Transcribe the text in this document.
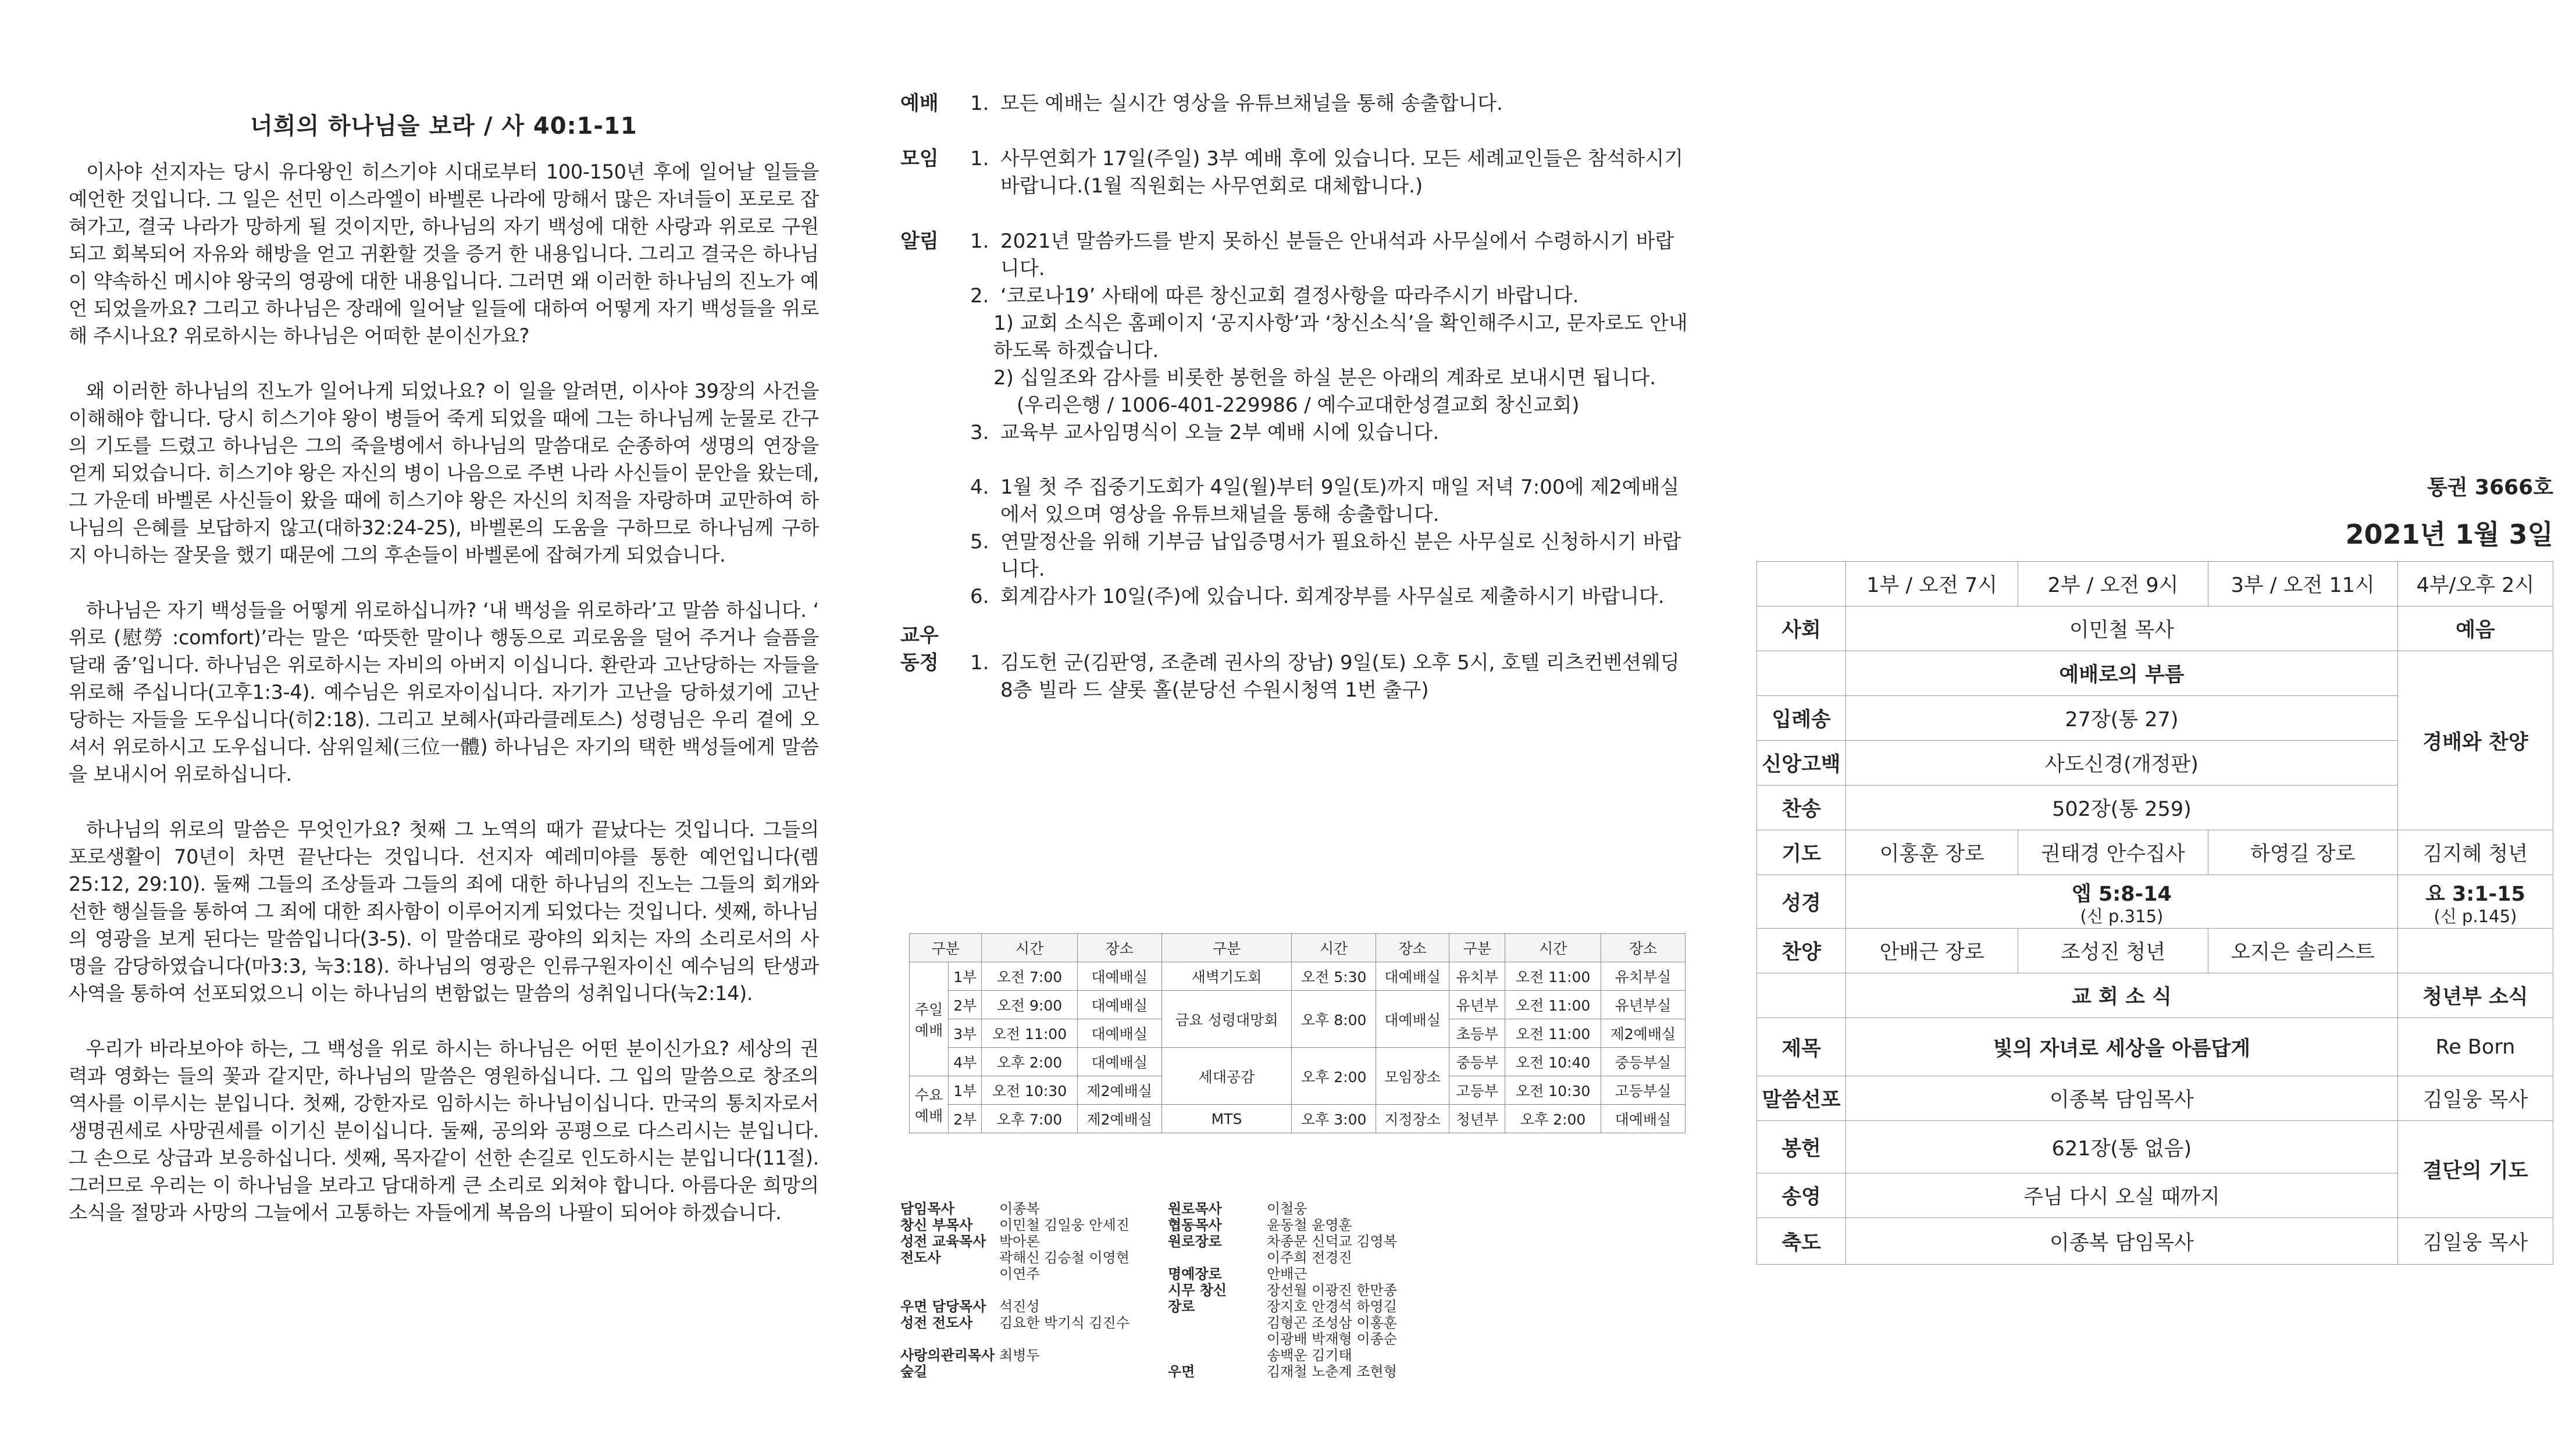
너희의 하나님을 보라 / 사 40:1-11

이사야 선지자는 당시 유다왕인 히스기야 시대로부터 100-150년 후에 일어날 일들을 예언한 것입니다. 그 일은 선민 이스라엘이 바벨론 나라에 망해서 많은 자녀들이 포로로 잡혀가고, 결국 나라가 망하게 될 것이지만, 하나님의 자기 백성에 대한 사랑과 위로로 구원되고 회복되어 자유와 해방을 얻고 귀환할 것을 증거 한 내용입니다. 그리고 결국은 하나님이 약속하신 메시야 왕국의 영광에 대한 내용입니다. 그러면 왜 이러한 하나님의 진노가 예언 되었을까요? 그리고 하나님은 장래에 일어날 일들에 대하여 어떻게 자기 백성들을 위로해 주시나요? 위로하시는 하나님은 어떠한 분이신가요?

왜 이러한 하나님의 진노가 일어나게 되었나요? 이 일을 알려면, 이사야 39장의 사건을 이해해야 합니다. 당시 히스기야 왕이 병들어 죽게 되었을 때에 그는 하나님께 눈물로 간구의 기도를 드렸고 하나님은 그의 죽을병에서 하나님의 말씀대로 순종하여 생명의 연장을 얻게 되었습니다. 히스기야 왕은 자신의 병이 나음으로 주변 나라 사신들이 문안을 왔는데, 그 가운데 바벨론 사신들이 왔을 때에 히스기야 왕은 자신의 치적을 자랑하며 교만하여 하나님의 은혜를 보답하지 않고(대하32:24-25), 바벨론의 도움을 구하므로 하나님께 구하지 아니하는 잘못을 했기 때문에 그의 후손들이 바벨론에 잡혀가게 되었습니다.

하나님은 자기 백성들을 어떻게 위로하십니까? ‘내 백성을 위로하라’고 말씀 하십니다. ‘ 위로 (慰勞 :comfort)’라는 말은 ‘따뜻한 말이나 행동으로 괴로움을 덜어 주거나 슬픔을 달래 줌’입니다. 하나님은 위로하시는 자비의 아버지 이십니다. 환란과 고난당하는 자들을 위로해 주십니다(고후1:3-4). 예수님은 위로자이십니다. 자기가 고난을 당하셨기에 고난당하는 자들을 도우십니다(히2:18). 그리고 보혜사(파라클레토스) 성령님은 우리 곁에 오셔서 위로하시고 도우십니다. 삼위일체(三位一體) 하나님은 자기의 택한 백성들에게 말씀을 보내시어 위로하십니다.

하나님의 위로의 말씀은 무엇인가요? 첫째 그 노역의 때가 끝났다는 것입니다. 그들의 포로생활이 70년이 차면 끝난다는 것입니다. 선지자 예레미야를 통한 예언입니다(렘25:12, 29:10). 둘째 그들의 조상들과 그들의 죄에 대한 하나님의 진노는 그들의 회개와 선한 행실들을 통하여 그 죄에 대한 죄사함이 이루어지게 되었다는 것입니다. 셋째, 하나님의 영광을 보게 된다는 말씀입니다(3-5). 이 말씀대로 광야의 외치는 자의 소리로서의 사명을 감당하였습니다(마3:3, 눅3:18). 하나님의 영광은 인류구원자이신 예수님의 탄생과 사역을 통하여 선포되었으니 이는 하나님의 변함없는 말씀의 성취입니다(눅2:14).

우리가 바라보아야 하는, 그 백성을 위로 하시는 하나님은 어떤 분이신가요? 세상의 권력과 영화는 들의 꽃과 같지만, 하나님의 말씀은 영원하십니다. 그 입의 말씀으로 창조의 역사를 이루시는 분입니다. 첫째, 강한자로 임하시는 하나님이십니다. 만국의 통치자로서 생명권세로 사망권세를 이기신 분이십니다. 둘째, 공의와 공평으로 다스리시는 분입니다. 그 손으로 상급과 보응하십니다. 셋째, 목자같이 선한 손길로 인도하시는 분입니다(11절). 그러므로 우리는 이 하나님을 보라고 담대하게 큰 소리로 외쳐야 합니다. 아름다운 희망의 소식을 절망과 사망의 그늘에서 고통하는 자들에게 복음의 나팔이 되어야 하겠습니다.

예배	1. 모든 예배는 실시간 영상을 유튜브채널을 통해 송출합니다.
모임	1. 사무연회가 17일(주일) 3부 예배 후에 있습니다. 모든 세례교인들은 참석하시기 바랍니다.(1월 직원회는 사무연회로 대체합니다.)
알림	1. 2021년 말씀카드를 받지 못하신 분들은 안내석과 사무실에서 수령하시기 바랍니다.
2. ‘코로나19’ 사태에 따른 창신교회 결정사항을 따라주시기 바랍니다.
1) 교회 소식은 홈페이지 ‘공지사항’과 ‘창신소식’을 확인해주시고, 문자로도 안내하도록 하겠습니다.
2) 십일조와 감사를 비롯한 봉헌을 하실 분은 아래의 계좌로 보내시면 됩니다.
(우리은행 / 1006-401-229986 / 예수교대한성결교회 창신교회)
3. 교육부 교사임명식이 오늘 2부 예배 시에 있습니다.
4. 1월 첫 주 집중기도회가 4일(월)부터 9일(토)까지 매일 저녁 7:00에 제2예배실에서 있으며 영상을 유튜브채널을 통해 송출합니다.
5. 연말정산을 위해 기부금 납입증명서가 필요하신 분은 사무실로 신청하시기 바랍니다.
6. 회계감사가 10일(주)에 있습니다. 회계장부를 사무실로 제출하시기 바랍니다.
교우
동정	1. 김도헌 군(김판영, 조춘례 권사의 장남) 9일(토) 오후 5시, 호텔 리츠컨벤션웨딩 8층 빌라 드 샬롯 홀(분당선 수원시청역 1번 출구)
구분		시간	장소	구분	시간	장소	구분	시간	장소

주일
예배	1부	오전 7:00	대예배실	새벽기도회	오전 5:30	대예배실	유치부	오전 11:00	유치부실
	2부	오전 9:00	대예배실	금요 성령대망회	오후 8:00	대예배실	유년부	오전 11:00	유년부실
	3부	오전 11:00	대예배실				초등부	오전 11:00	제2예배실
	4부	오후 2:00	대예배실	세대공감	오후 2:00	모임장소	중등부	오전 10:40	중등부실

수요
예배	1부	오전 10:30	제2예배실				고등부	오전 10:30	고등부실
	2부	오후 7:00	제2예배실	MTS	오후 3:00	지정장소	청년부	오후 2:00	대예배실
담임목사	이종복
창신 부목사	이민철 김일웅 안세진
성전 교육목사 박아론
전도사	곽해신 김승철 이영현
이연주
우면 담당목사 석진성
성전 전도사	김요한 박기식 김진수
사랑의관리목사 최병두
숲길
원로목사	이철웅
협동목사	윤동철 윤영훈
원로장로	차종문 신덕교 김영복
이주희 전경진
명예장로	안배근
시무 창신	장선월 이광진 한만종
장로	장지호 안경석 하영길
김형곤 조성삼 이홍훈
이광배 박재형 이종순
송백운 김기태
우면	김재철 노춘계 조현형
통권 3666호
2021년 1월 3일
	1부 / 오전 7시	2부 / 오전 9시	3부 / 오전 11시	4부/오후 2시
사회	이민철 목사			예음
	예배로의 부름			경배와 찬양
입례송	27장(통 27)			
신앙고백	사도신경(개정판)			
찬송	502장(통 259)			
기도	이홍훈 장로	권태경 안수집사	하영길 장로	김지혜 청년
성경	엡 5:8-14
(신 p.315)			요 3:1-15
(신 p.145)

찬양	안배근 장로	조성진 청년	오지은 솔리스트	
	교 회 소 식			청년부 소식
제목	빛의 자녀로 세상을 아름답게			Re Born
말씀선포	이종복 담임목사			김일웅 목사
봉헌	621장(통 없음)			결단의 기도
송영	주님 다시 오실 때까지			
축도	이종복 담임목사			김일웅 목사
